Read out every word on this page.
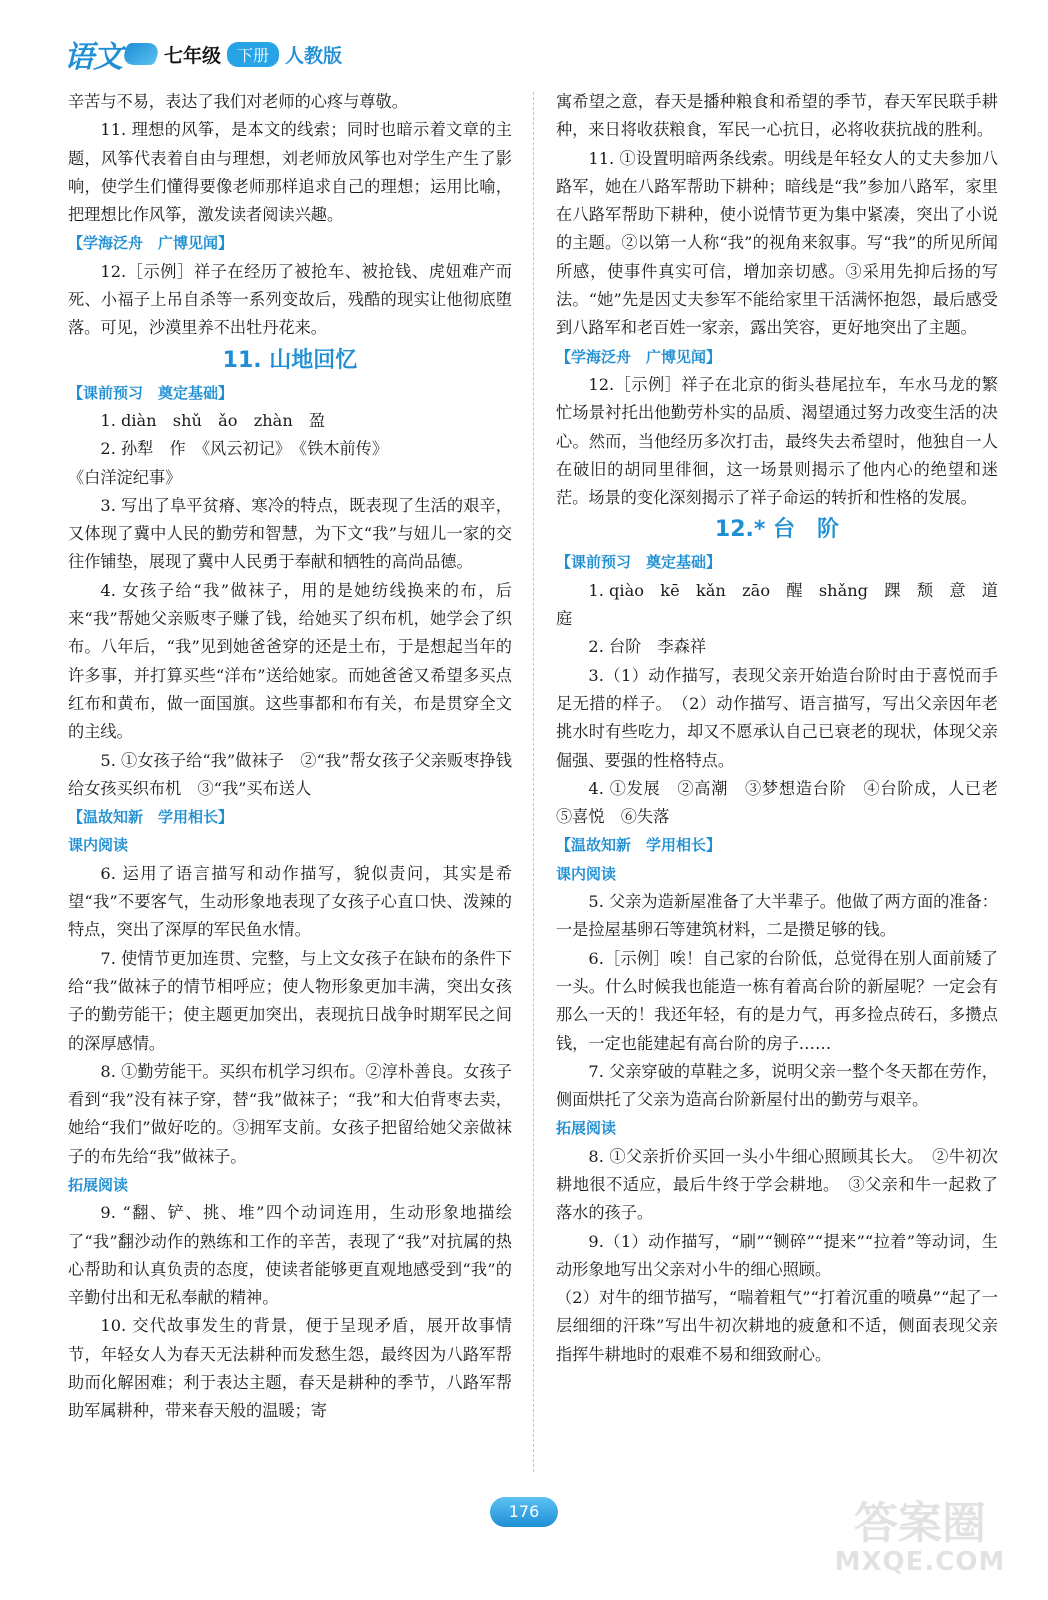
语文 七年级	下册 人教版

辛苦与不易，表达了我们对老师的心疼与尊敬。

11. 理想的风筝，是本文的线索；同时也暗示着文章的主题，风筝代表着自由与理想，刘老师放风筝也对学生产生了影响，使学生们懂得要像老师那样追求自己的理想；运用比喻，把理想比作风筝，激发读者阅读兴趣。

【学海泛舟　广博见闻】

12.［示例］祥子在经历了被抢车、被抢钱、虎妞难产而死、小福子上吊自杀等一系列变故后，残酷的现实让他彻底堕落。可见，沙漠里养不出牡丹花来。

11. 山地回忆
【课前预习　奠定基础】

1. diàn　shǔ　ǎo　zhàn　盈

2. 孙犁　作　《风云初记》　《铁木前传》

《白洋淀纪事》

3. 写出了阜平贫瘠、寒冷的特点，既表现了生活的艰辛，又体现了冀中人民的勤劳和智慧，为下文“我”与妞儿一家的交往作铺垫，展现了冀中人民勇于奉献和牺牲的高尚品德。

4. 女孩子给“我”做袜子，用的是她纺线换来的布，后来“我”帮她父亲贩枣子赚了钱，给她买了织布机，她学会了织布。八年后，“我”见到她爸爸穿的还是土布，于是想起当年的许多事，并打算买些“洋布”送给她家。而她爸爸又希望多买点红布和黄布，做一面国旗。这些事都和布有关，布是贯穿全文的主线。

5. ①女孩子给“我”做袜子　②“我”帮女孩子父亲贩枣挣钱给女孩买织布机　③“我”买布送人

【温故知新　学用相长】
课内阅读

6. 运用了语言描写和动作描写，貌似责问，其实是希望“我”不要客气，生动形象地表现了女孩子心直口快、泼辣的特点，突出了深厚的军民鱼水情。

7. 使情节更加连贯、完整，与上文女孩子在缺布的条件下给“我”做袜子的情节相呼应；使人物形象更加丰满，突出女孩子的勤劳能干；使主题更加突出，表现抗日战争时期军民之间的深厚感情。

8. ①勤劳能干。买织布机学习织布。②淳朴善良。女孩子看到“我”没有袜子穿，替“我”做袜子；“我”和大伯背枣去卖，她给“我们”做好吃的。③拥军支前。女孩子把留给她父亲做袜子的布先给“我”做袜子。

拓展阅读

9. “翻、铲、挑、堆”四个动词连用，生动形象地描绘了“我”翻沙动作的熟练和工作的辛苦，表现了“我”对抗属的热心帮助和认真负责的态度，使读者能够更直观地感受到“我”的辛勤付出和无私奉献的精神。

10. 交代故事发生的背景，便于呈现矛盾，展开故事情节，年轻女人为春天无法耕种而发愁生怨，最终因为八路军帮助而化解困难；利于表达主题，春天是耕种的季节，八路军帮助军属耕种，带来春天般的温暖；寄

寓希望之意，春天是播种粮食和希望的季节，春天军民联手耕种，来日将收获粮食，军民一心抗日，必将收获抗战的胜利。

11. ①设置明暗两条线索。明线是年轻女人的丈夫参加八路军，她在八路军帮助下耕种；暗线是“我”参加八路军，家里在八路军帮助下耕种，使小说情节更为集中紧凑，突出了小说的主题。②以第一人称“我”的视角来叙事。写“我”的所见所闻所感，使事件真实可信，增加亲切感。③采用先抑后扬的写法。“她”先是因丈夫参军不能给家里干活满怀抱怨，最后感受到八路军和老百姓一家亲，露出笑容，更好地突出了主题。

【学海泛舟　广博见闻】

12.［示例］祥子在北京的街头巷尾拉车，车水马龙的繁忙场景衬托出他勤劳朴实的品质、渴望通过努力改变生活的决心。然而，当他经历多次打击，最终失去希望时，他独自一人在破旧的胡同里徘徊，这一场景则揭示了他内心的绝望和迷茫。场景的变化深刻揭示了祥子命运的转折和性格的发展。

12.* 台　阶
【课前预习　奠定基础】

1. qiào　kē　kǎn　zāo　醒　shǎng　踝　颓　意　道　庭

2. 台阶　李森祥

3.（1）动作描写，表现父亲开始造台阶时由于喜悦而手足无措的样子。　（2）动作描写、语言描写，写出父亲因年老挑水时有些吃力，却又不愿承认自己已衰老的现状，体现父亲倔强、要强的性格特点。

4. ①发展　②高潮　③梦想造台阶　④台阶成，人已老　⑤喜悦　⑥失落

【温故知新　学用相长】
课内阅读

5. 父亲为造新屋准备了大半辈子。他做了两方面的准备：一是捡屋基卵石等建筑材料，二是攒足够的钱。

6.［示例］唉！自己家的台阶低，总觉得在别人面前矮了一头。什么时候我也能造一栋有着高台阶的新屋呢？一定会有那么一天的！我还年轻，有的是力气，再多捡点砖石，多攒点钱，一定也能建起有高台阶的房子……

7. 父亲穿破的草鞋之多，说明父亲一整个冬天都在劳作，侧面烘托了父亲为造高台阶新屋付出的勤劳与艰辛。

拓展阅读

8. ①父亲折价买回一头小牛细心照顾其长大。　②牛初次耕地很不适应，最后牛终于学会耕地。　③父亲和牛一起救了落水的孩子。

9.（1）动作描写，“刷”“铡碎”“提来”“拉着”等动词，生动形象地写出父亲对小牛的细心照顾。

（2）对牛的细节描写，“喘着粗气”“打着沉重的喷鼻”“起了一层细细的汗珠”写出牛初次耕地的疲惫和不适，侧面表现父亲指挥牛耕地时的艰难不易和细致耐心。

176	答案圈
MXQE.COM
